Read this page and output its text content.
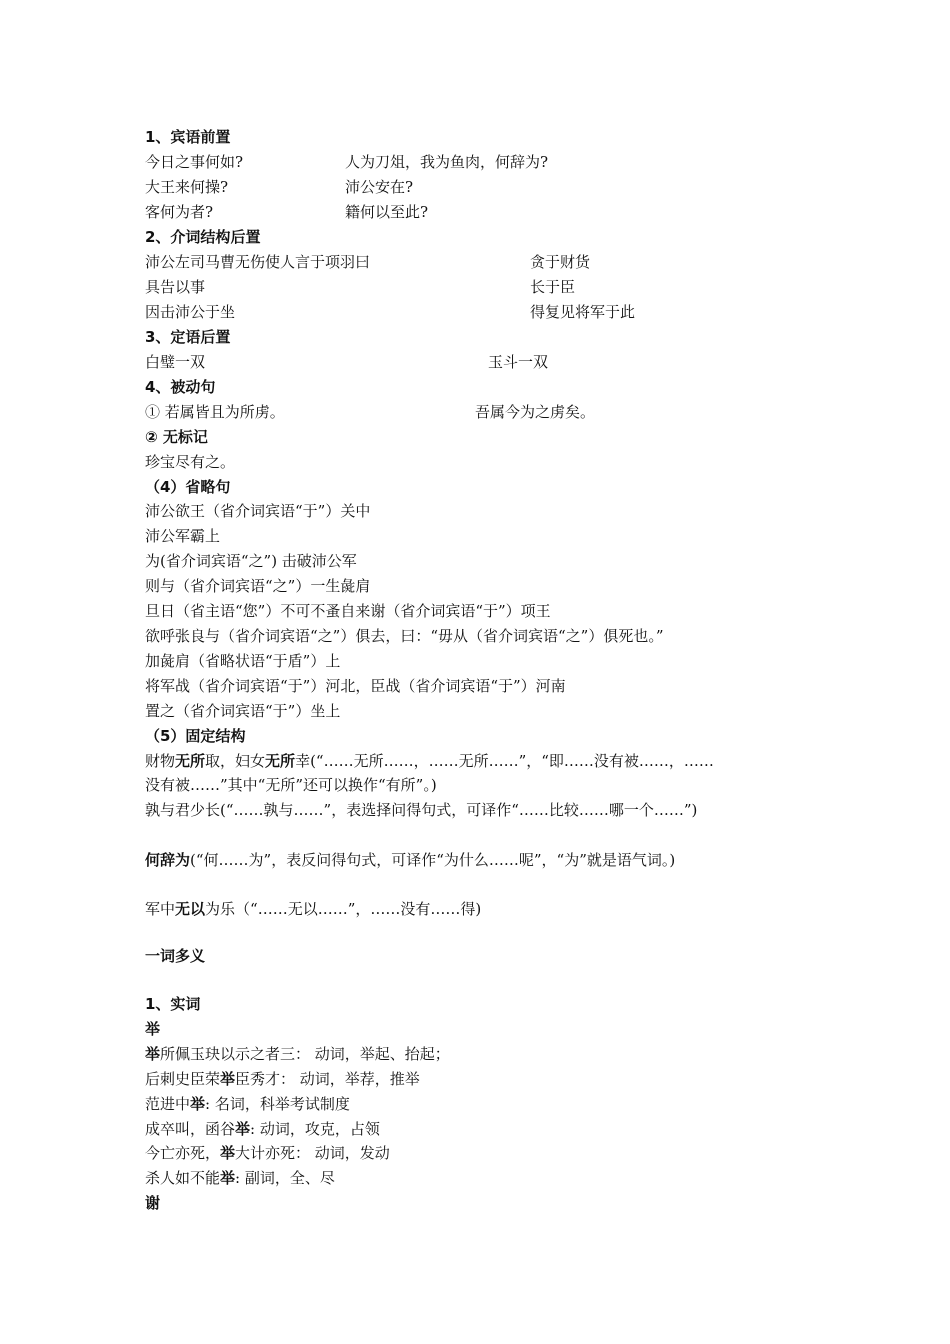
1、宾语前置
今日之事何如?	人为刀俎，我为鱼肉，何辞为?
大王来何操?	沛公安在?
客何为者?	籍何以至此?
2、介词结构后置
沛公左司马曹无伤使人言于项羽曰	贪于财货
具告以事	长于臣
因击沛公于坐	得复见将军于此
3、定语后置
白璧一双	玉斗一双
4、被动句
① 若属皆且为所虏。	吾属今为之虏矣。
② 无标记
珍宝尽有之。
（4）省略句
沛公欲王（省介词宾语“于”）关中
沛公军霸上
为(省介词宾语“之”) 击破沛公军
则与（省介词宾语“之”）一生彘肩
旦日（省主语“您”）不可不蚤自来谢（省介词宾语“于”）项王
欲呼张良与（省介词宾语“之”）俱去，曰：“毋从（省介词宾语“之”）俱死也。”
加彘肩（省略状语“于盾”）上
将军战（省介词宾语“于”）河北，臣战（省介词宾语“于”）河南
置之（省介词宾语“于”）坐上
（5）固定结构
财物无所取，妇女无所幸(“……无所……，……无所……”，“即……没有被……，……
没有被……”其中“无所”还可以换作“有所”。)
孰与君少长(“……孰与……”，表选择问得句式，可译作“……比较……哪一个……”)
何辞为(“何……为”，表反问得句式，可译作“为什么……呢”，“为”就是语气词。)
军中无以为乐（“……无以……”，……没有……得)
一词多义
1、实词
举
举所佩玉玦以示之者三： 动词，举起、抬起；
后刺史臣荣举臣秀才： 动词，举荐，推举
范进中举: 名词，科举考试制度
成卒叫，函谷举: 动词，攻克，占领
今亡亦死，举大计亦死： 动词，发动
杀人如不能举: 副词，全、尽
谢
